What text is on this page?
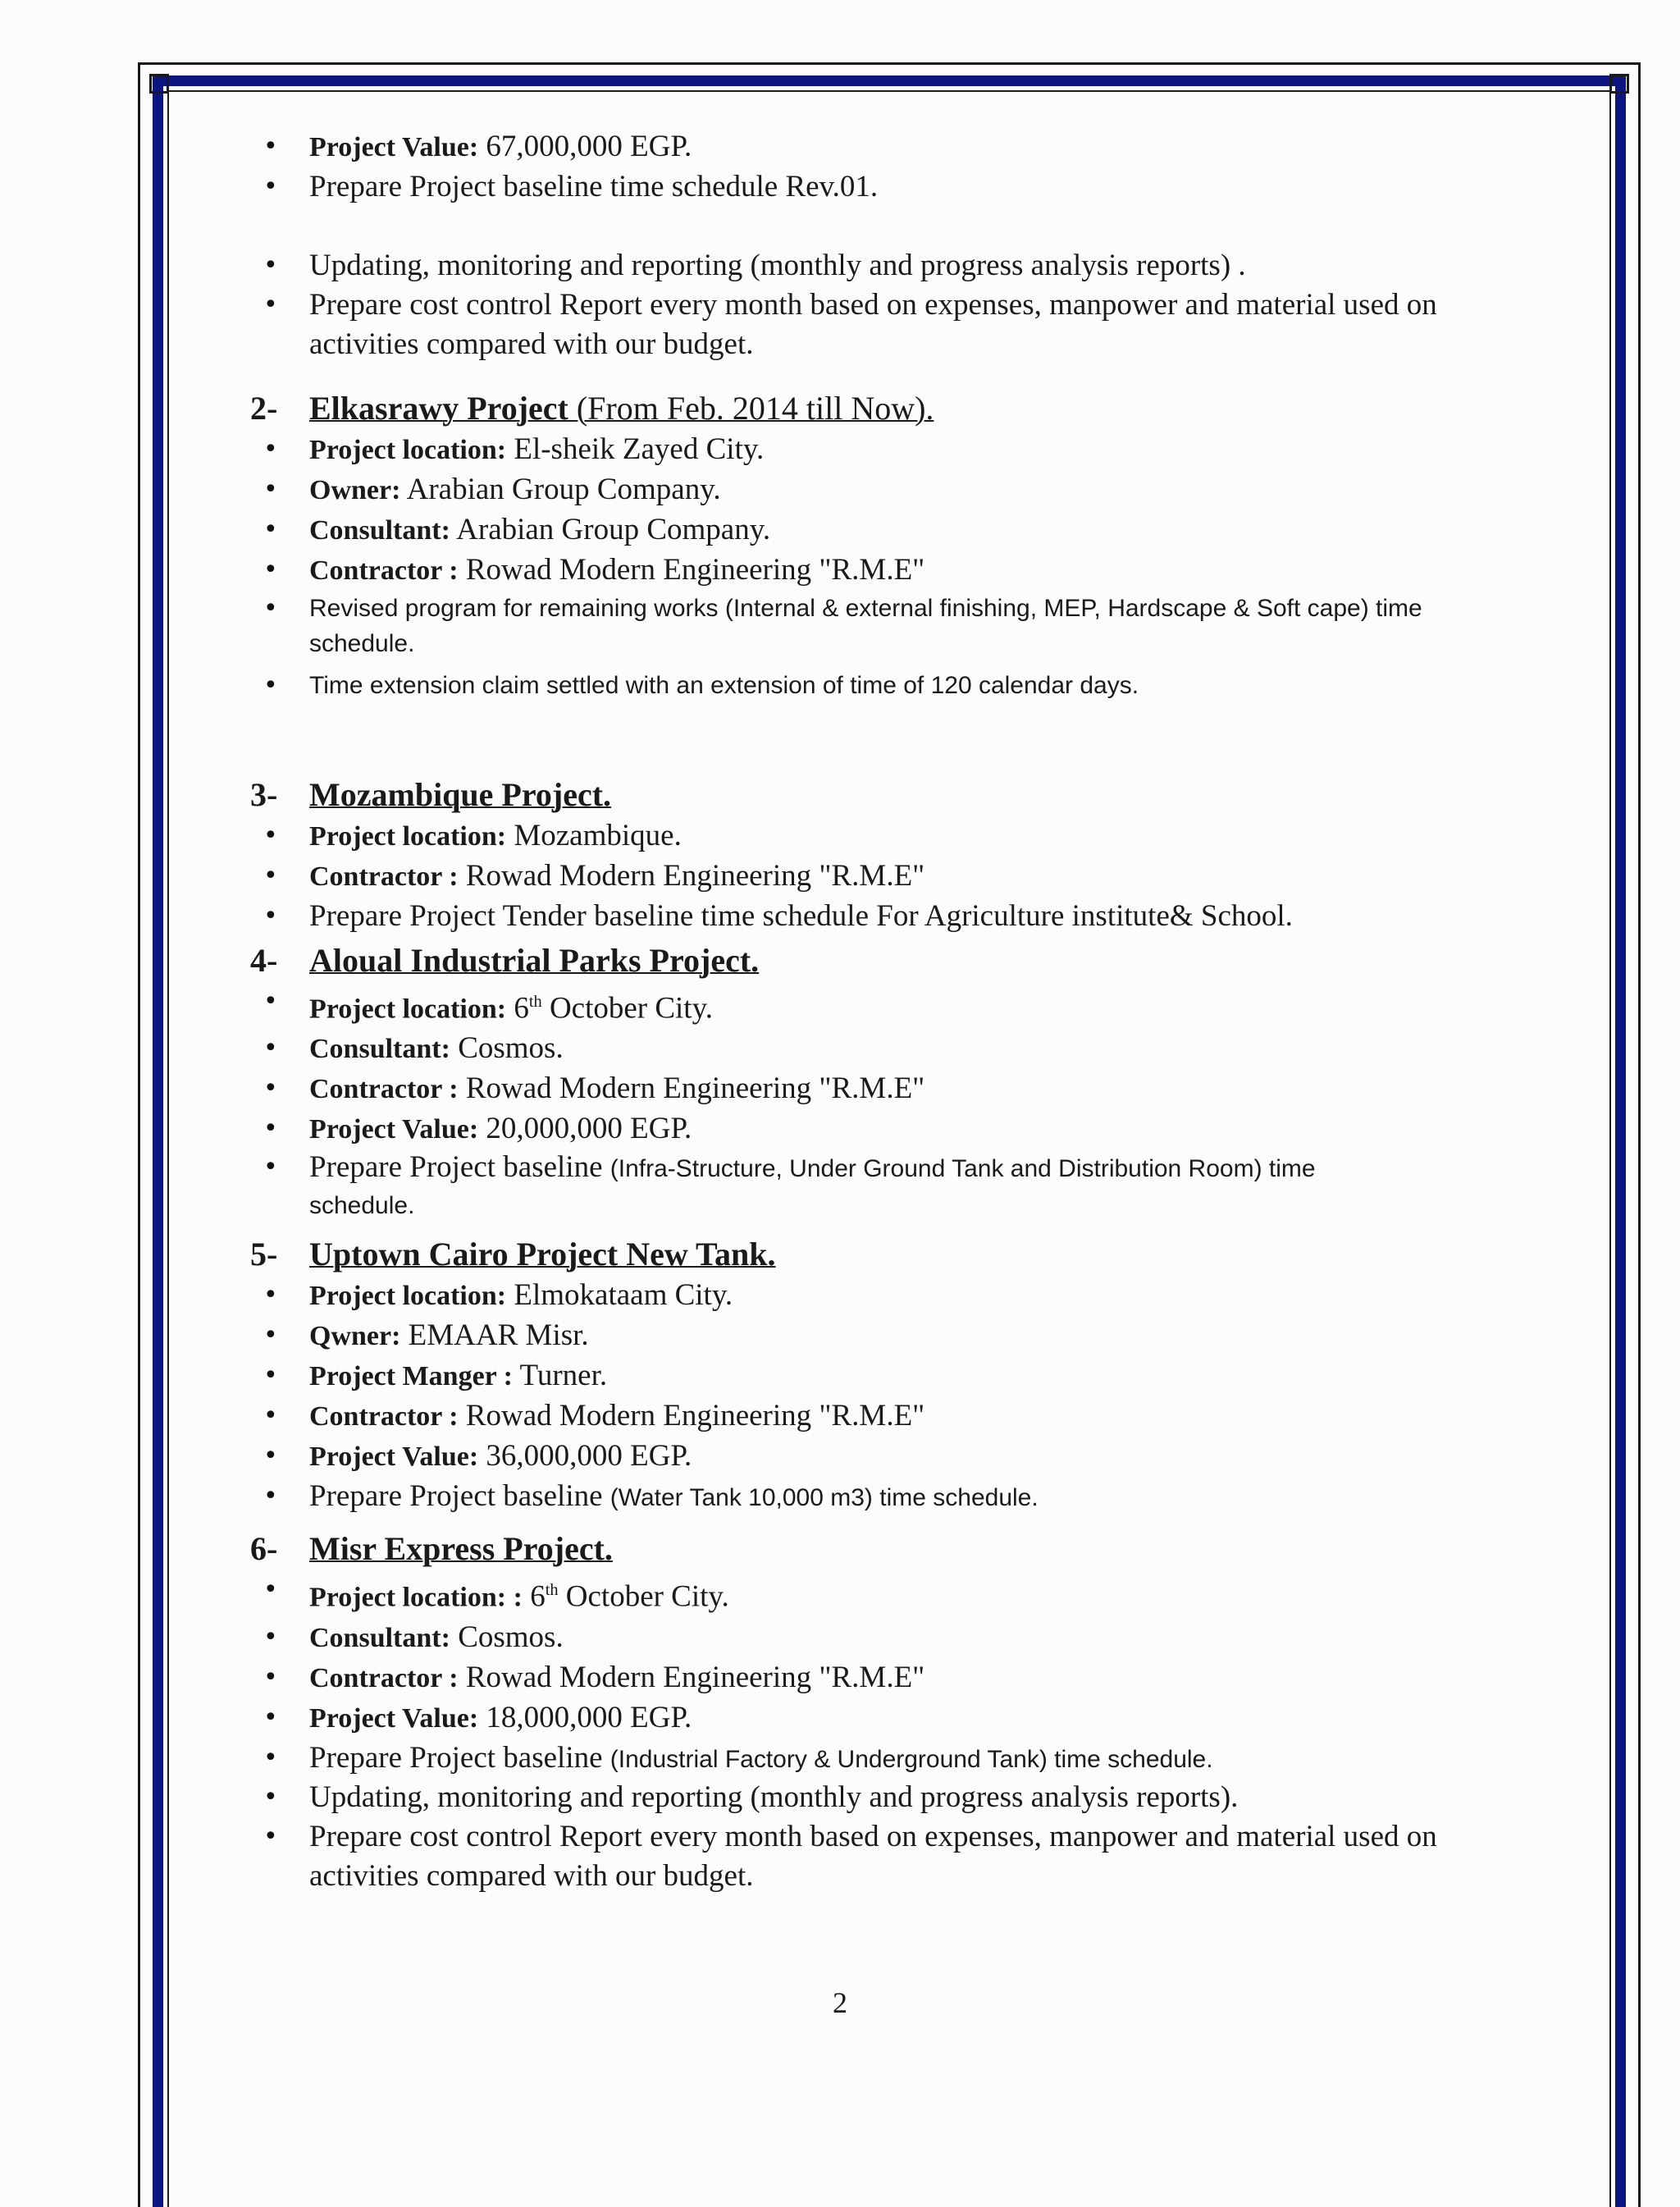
• Project Value: 67,000,000 EGP.
• Prepare Project baseline time schedule Rev.01.
• Updating, monitoring and reporting (monthly and progress analysis reports) .
• Prepare cost control Report every month based on expenses, manpower and material used on activities compared with our budget.
2- Elkasrawy Project (From Feb. 2014 till Now).
• Project location: El-sheik Zayed City.
• Owner: Arabian Group Company.
• Consultant: Arabian Group Company.
• Contractor : Rowad Modern Engineering "R.M.E"
• Revised program for remaining works (Internal & external finishing, MEP, Hardscape & Soft cape) time schedule.
• Time extension claim settled with an extension of time of 120 calendar days.
3- Mozambique Project.
• Project location: Mozambique.
• Contractor : Rowad Modern Engineering "R.M.E"
• Prepare Project Tender baseline time schedule For Agriculture institute& School.
4- Aloual Industrial Parks Project.
• Project location: 6th October City.
• Consultant: Cosmos.
• Contractor : Rowad Modern Engineering "R.M.E"
• Project Value: 20,000,000 EGP.
• Prepare Project baseline (Infra-Structure, Under Ground Tank and Distribution Room) time schedule.
5- Uptown Cairo Project New Tank.
• Project location: Elmokataam City.
• Qwner: EMAAR Misr.
• Project Manger : Turner.
• Contractor : Rowad Modern Engineering "R.M.E"
• Project Value: 36,000,000 EGP.
• Prepare Project baseline (Water Tank 10,000 m3) time schedule.
6- Misr Express Project.
• Project location: : 6th October City.
• Consultant: Cosmos.
• Contractor : Rowad Modern Engineering "R.M.E"
• Project Value: 18,000,000 EGP.
• Prepare Project baseline (Industrial Factory & Underground Tank) time schedule.
• Updating, monitoring and reporting (monthly and progress analysis reports).
• Prepare cost control Report every month based on expenses, manpower and material used on activities compared with our budget.
2
